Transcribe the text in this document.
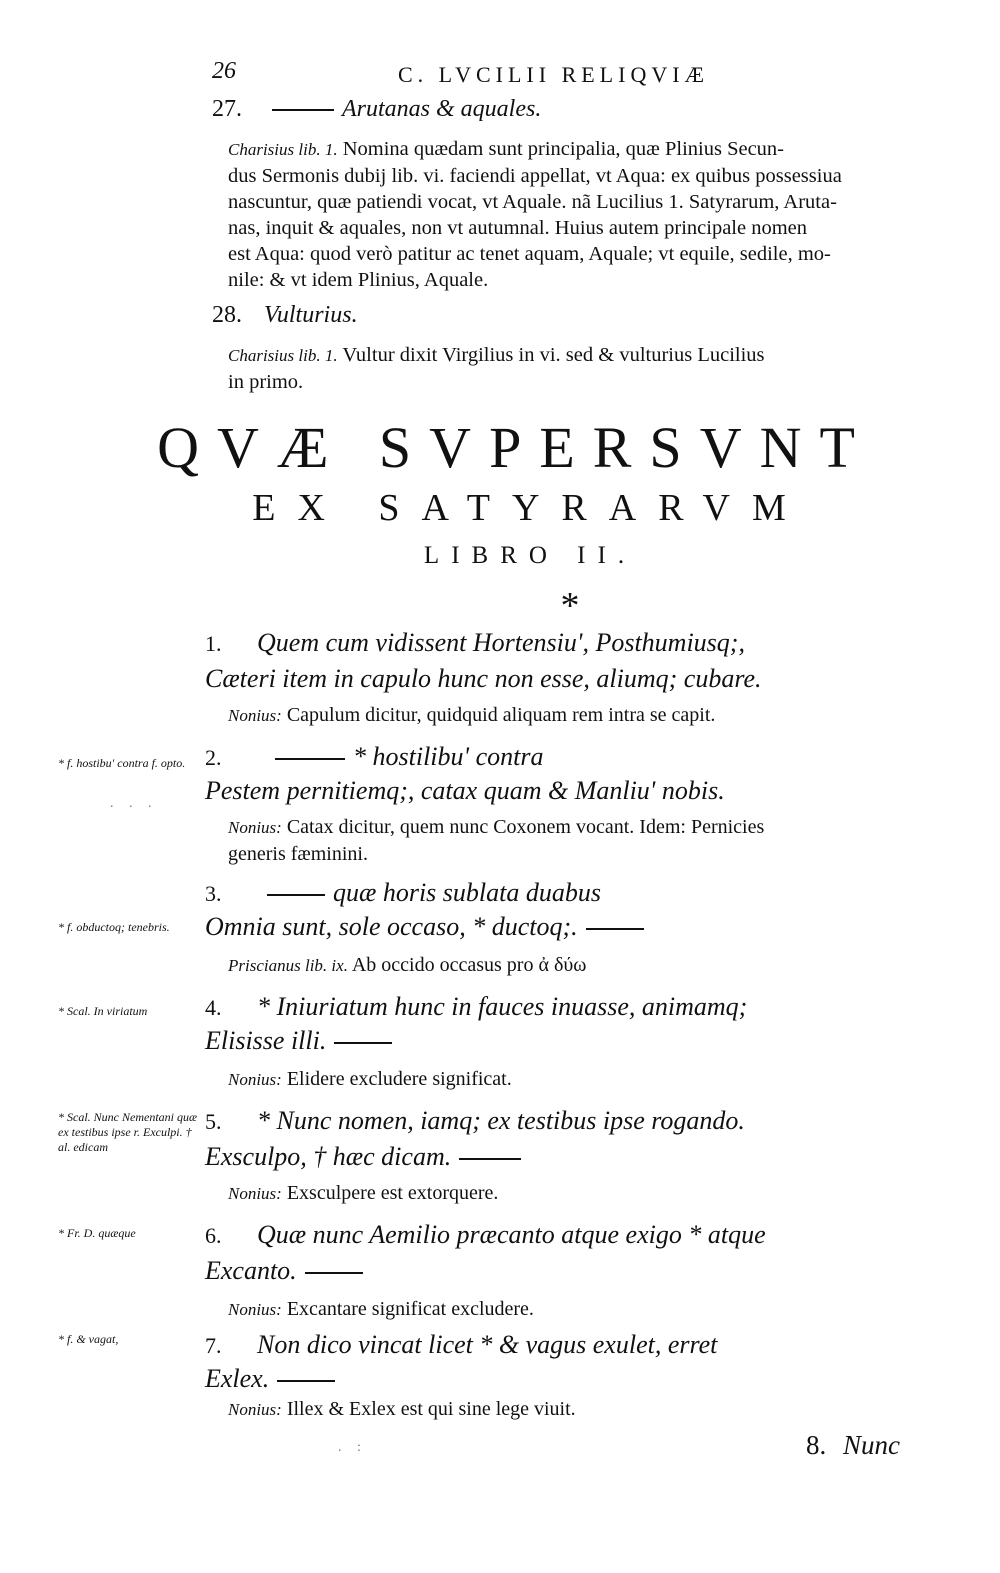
26	C. LVCILII RELIQVIÆ
27.	Arutanas & aquales.
Charisius lib. 1. Nomina quædam sunt principalia, quæ Plinius Secun-
dus Sermonis dubij lib. vi. faciendi appellat, vt Aqua: ex quibus possessiua
nascuntur, quæ patiendi vocat, vt Aquale. nã Lucilius 1. Satyrarum, Aruta-
nas, inquit & aquales, non vt autumnal. Huius autem principale nomen
est Aqua: quod verò patitur ac tenet aquam, Aquale; vt equile, sedile, mo-
nile: & vt idem Plinius, Aquale.
28. Vulturius.
Charisius lib. 1. Vultur dixit Virgilius in vi. sed & vulturius Lucilius
in primo.
QVÆ SVPERSVNT
EX SATYRARVM
LIBRO II.
*
1. Quem cum vidissent Hortensiu', Posthumiusq;,
Cæteri item in capulo hunc non esse, aliumq; cubare.
Nonius: Capulum dicitur, quidquid aliquam rem intra se capit.
* f. hostibu' contra f. opto.
. . .
2.	* hostilibu' contra
Pestem pernitiemq;, catax quam & Manliu' nobis.
Nonius: Catax dicitur, quem nunc Coxonem vocant. Idem: Pernicies
generis fæminini.
* f. obductoq; tenebris.
3.	quæ horis sublata duabus
Omnia sunt, sole occaso, * ductoq;.
Priscianus lib. ix. Ab occido occasus pro ἀ δύω
* Scal. In viriatum	4. * Iniuriatum hunc in fauces inuasse, animamq;
Elisisse illi.
Nonius: Elidere excludere significat.
* Scal. Nunc Nementani quæ ex testibus ipse r. Exculpi. † al. edicam
5. * Nunc nomen, iamq; ex testibus ipse rogando.
Exsculpo, † hæc dicam.
Nonius: Exsculpere est extorquere.
* Fr. D. quæque	6. Quæ nunc Aemilio præcanto atque exigo * atque
Excanto.
Nonius: Excantare significat excludere.
* f. & vagat,	7. Non dico vincat licet * & vagus exulet, erret
Exlex.
Nonius: Illex & Exlex est qui sine lege viuit.
. :	8. Nunc
